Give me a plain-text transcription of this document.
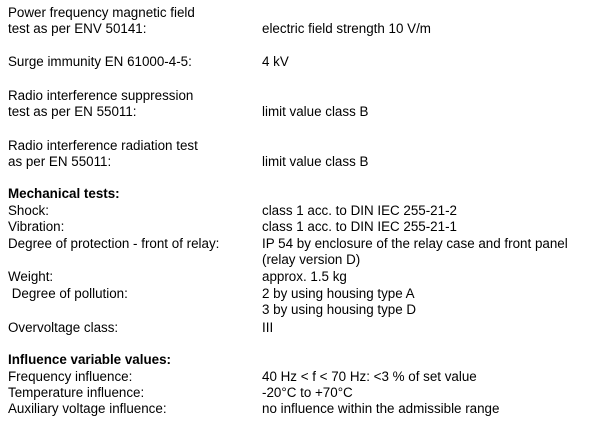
Power frequency magnetic field
test as per ENV 50141:	electric field strength 10 V/m
Surge immunity EN 61000-4-5:	4 kV
Radio interference suppression
test as per EN 55011:	limit value class B
Radio interference radiation test
as per EN 55011:	limit value class B
Mechanical tests:
Shock:	class 1 acc. to DIN IEC 255-21-2
Vibration:	class 1 acc. to DIN IEC 255-21-1
Degree of protection - front of relay:	IP 54 by enclosure of the relay case and front panel
(relay version D)
Weight:	approx. 1.5 kg
Degree of pollution:	2 by using housing type A
3 by using housing type D
Overvoltage class:	III
Influence variable values:
Frequency influence:	40 Hz < f < 70 Hz: <3 % of set value
Temperature influence:	-20°C to +70°C
Auxiliary voltage influence:	no influence within the admissible range
